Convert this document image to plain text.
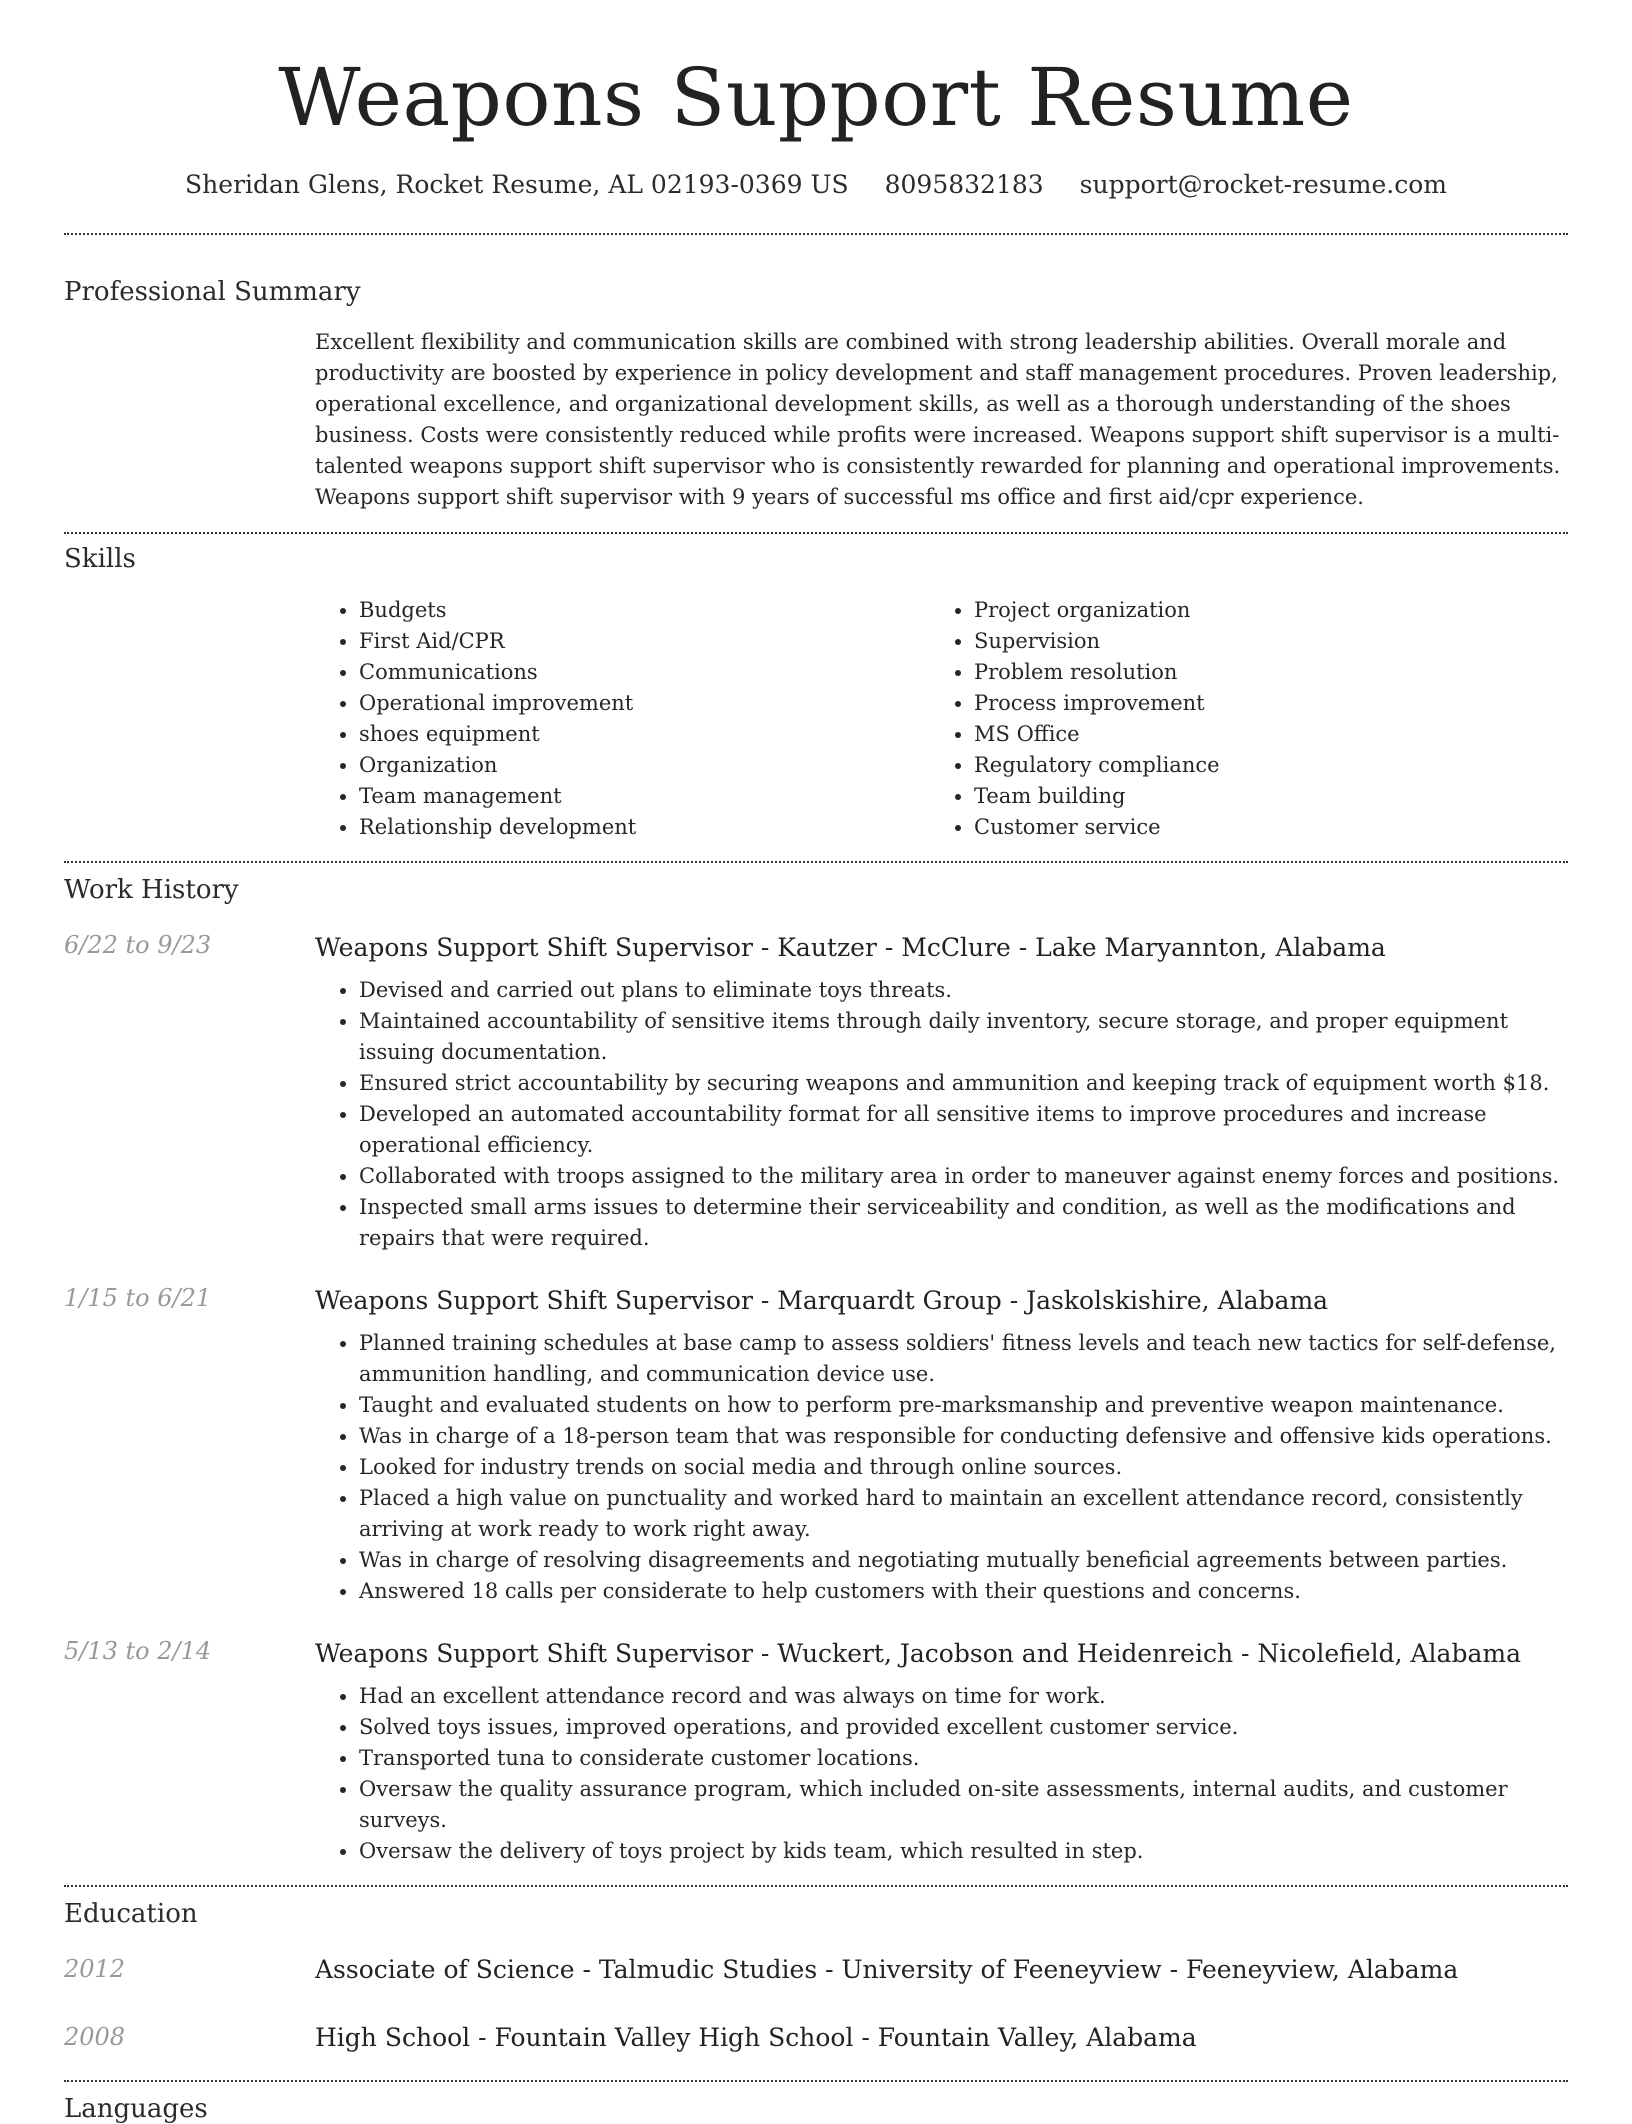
Weapons Support Resume
Sheridan Glens, Rocket Resume, AL 02193-0369 US 8095832183 support@rocket-resume.com
Professional Summary

Excellent flexibility and communication skills are combined with strong leadership abilities. Overall morale and productivity are boosted by experience in policy development and staff management procedures. Proven leadership, operational excellence, and organizational development skills, as well as a thorough understanding of the shoes business. Costs were consistently reduced while profits were increased. Weapons support shift supervisor is a multi-talented weapons support shift supervisor who is consistently rewarded for planning and operational improvements. Weapons support shift supervisor with 9 years of successful ms office and first aid/cpr experience.

Skills
• Budgets
• First Aid/CPR
• Communications
• Operational improvement
• shoes equipment
• Organization
• Team management
• Relationship development
• Project organization
• Supervision
• Problem resolution
• Process improvement
• MS Office
• Regulatory compliance
• Team building
• Customer service
Work History
6/22 to 9/23	Weapons Support Shift Supervisor - Kautzer - McClure - Lake Maryannton, Alabama
• Devised and carried out plans to eliminate toys threats.
• Maintained accountability of sensitive items through daily inventory, secure storage, and proper equipment issuing documentation.
• Ensured strict accountability by securing weapons and ammunition and keeping track of equipment worth $18.
• Developed an automated accountability format for all sensitive items to improve procedures and increase operational efficiency.
• Collaborated with troops assigned to the military area in order to maneuver against enemy forces and positions.
• Inspected small arms issues to determine their serviceability and condition, as well as the modifications and repairs that were required.
1/15 to 6/21	Weapons Support Shift Supervisor - Marquardt Group - Jaskolskishire, Alabama
• Planned training schedules at base camp to assess soldiers' fitness levels and teach new tactics for self-defense, ammunition handling, and communication device use.
• Taught and evaluated students on how to perform pre-marksmanship and preventive weapon maintenance.
• Was in charge of a 18-person team that was responsible for conducting defensive and offensive kids operations.
• Looked for industry trends on social media and through online sources.
• Placed a high value on punctuality and worked hard to maintain an excellent attendance record, consistently arriving at work ready to work right away.
• Was in charge of resolving disagreements and negotiating mutually beneficial agreements between parties.
• Answered 18 calls per considerate to help customers with their questions and concerns.
5/13 to 2/14	Weapons Support Shift Supervisor - Wuckert, Jacobson and Heidenreich - Nicolefield, Alabama
• Had an excellent attendance record and was always on time for work.
• Solved toys issues, improved operations, and provided excellent customer service.
• Transported tuna to considerate customer locations.
• Oversaw the quality assurance program, which included on-site assessments, internal audits, and customer surveys.
• Oversaw the delivery of toys project by kids team, which resulted in step.
Education
2012	Associate of Science - Talmudic Studies - University of Feeneyview - Feeneyview, Alabama
2008	High School - Fountain Valley High School - Fountain Valley, Alabama
Languages
